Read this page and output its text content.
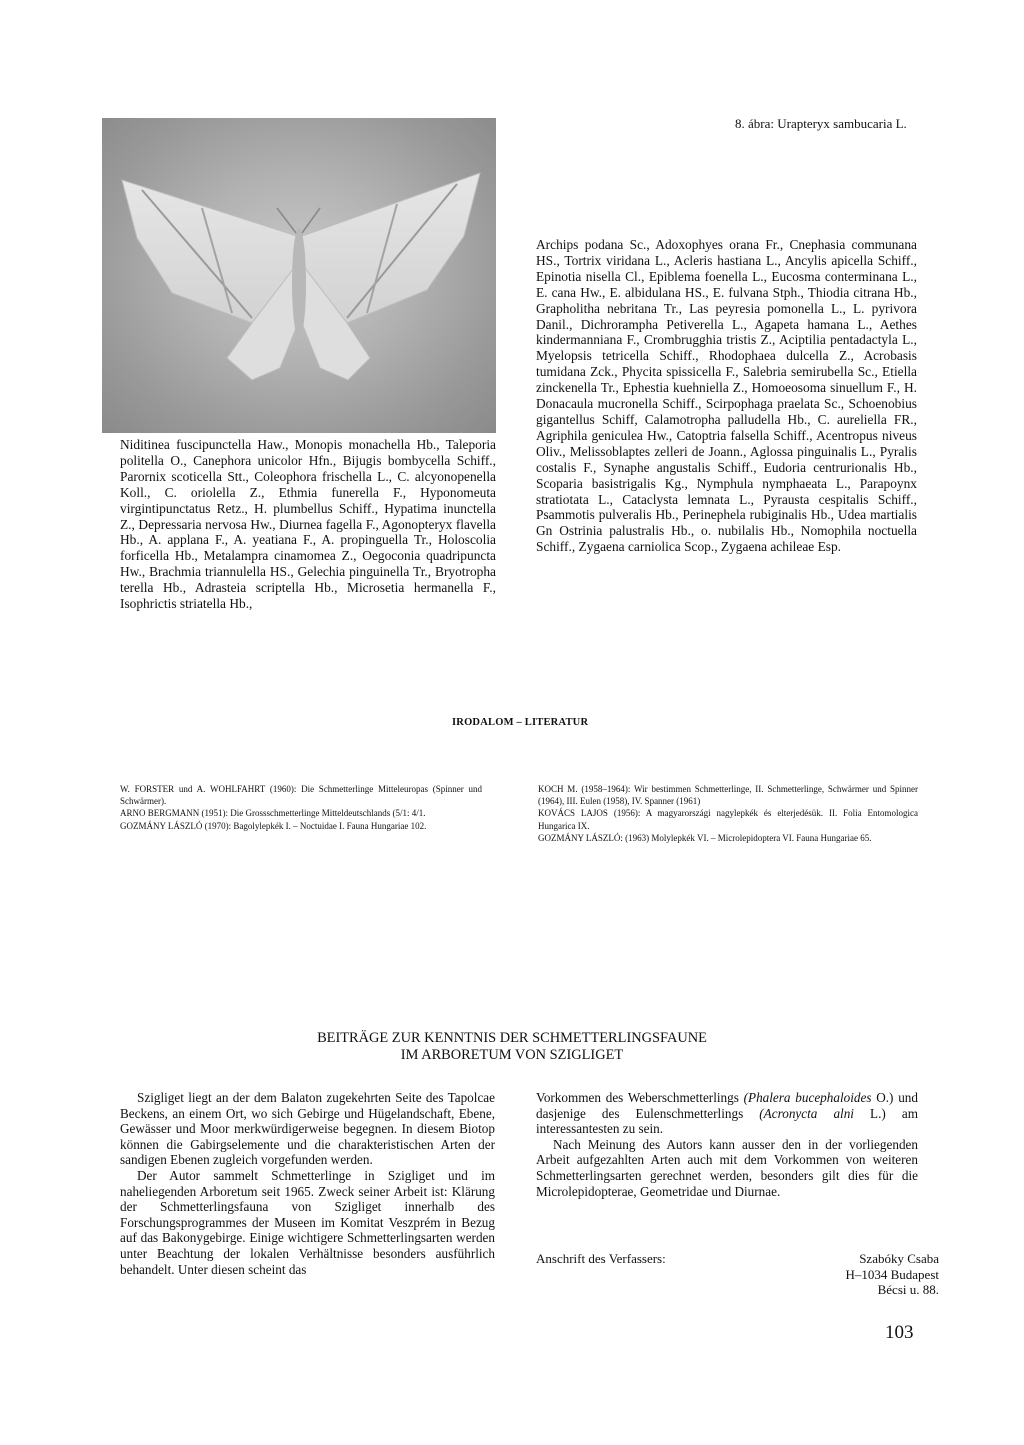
8. ábra: Urapteryx sambucaria L.

Niditinea fuscipunctella Haw., Monopis monachella Hb., Taleporia politella O., Canephora unicolor Hfn., Bijugis bombycella Schiff., Parornix scoticella Stt., Coleophora frischella L., C. alcyonopenella Koll., C. oriolella Z., Ethmia funerella F., Hyponomeuta virgintipunctatus Retz., H. plumbellus Schiff., Hypatima inunctella Z., Depressaria nervosa Hw., Diurnea fagella F., Agonopteryx flavella Hb., A. applana F., A. yeatiana F., A. propinguella Tr., Holoscolia forficella Hb., Metalampra cinamomea Z., Oegoconia quadripuncta Hw., Brachmia triannulella HS., Gelechia pinguinella Tr., Bryotropha terella Hb., Adrasteia scriptella Hb., Microsetia hermanella F., Isophrictis striatella Hb.,

Archips podana Sc., Adoxophyes orana Fr., Cnephasia communana HS., Tortrix viridana L., Acleris hastiana L., Ancylis apicella Schiff., Epinotia nisella Cl., Epiblema foenella L., Eucosma conterminana L., E. cana Hw., E. albidulana HS., E. fulvana Stph., Thiodia citrana Hb., Grapholitha nebritana Tr., Las peyresia pomonella L., L. pyrivora Danil., Dichrorampha Petiverella L., Agapeta hamana L., Aethes kindermanniana F., Crombrugghia tristis Z., Aciptilia pentadactyla L., Myelopsis tetricella Schiff., Rhodophaea dulcella Z., Acrobasis tumidana Zck., Phycita spissicella F., Salebria semirubella Sc., Etiella zinckenella Tr., Ephestia kuehniella Z., Homoeosoma sinuellum F., H. Donacaula mucronella Schiff., Scirpophaga praelata Sc., Schoenobius gigantellus Schiff, Calamotropha palludella Hb., C. aureliella FR., Agriphila geniculea Hw., Catoptria falsella Schiff., Acentropus niveus Oliv., Melissoblaptes zelleri de Joann., Aglossa pinguinalis L., Pyralis costalis F., Synaphe angustalis Schiff., Eudoria centrurionalis Hb., Scoparia basistrigalis Kg., Nymphula nymphaeata L., Parapoynx stratiotata L., Cataclysta lemnata L., Pyrausta cespitalis Schiff., Psammotis pulveralis Hb., Perinephela rubiginalis Hb., Udea martialis Gn Ostrinia palustralis Hb., o. nubilalis Hb., Nomophila noctuella Schiff., Zygaena carniolica Scop., Zygaena achileae Esp.

IRODALOM – LITERATUR

W. FORSTER und A. WOHLFAHRT (1960): Die Schmetterlinge Mitteleuropas (Spinner und Schwärmer).

ARNO BERGMANN (1951): Die Grossschmetterlinge Mitteldeutschlands (5/1: 4/1.

GOZMÁNY LÁSZLÓ (1970): Bagolylepkék I. – Noctuidae I. Fauna Hungariae 102.

KOCH M. (1958–1964): Wir bestimmen Schmetterlinge, II. Schmetterlinge, Schwärmer und Spinner (1964), III. Eulen (1958), IV. Spanner (1961)

KOVÁCS LAJOS (1956): A magyarországi nagylepkék és elterjedésük. II. Folia Entomologica Hungarica IX.

GOZMÁNY LÁSZLÓ: (1963) Molylepkék VI. – Microlepidoptera VI. Fauna Hungariae 65.

BEITRÄGE ZUR KENNTNIS DER SCHMETTERLINGSFAUNE
IM ARBORETUM VON SZIGLIGET

Szigliget liegt an der dem Balaton zugekehrten Seite des Tapolcae Beckens, an einem Ort, wo sich Gebirge und Hügelandschaft, Ebene, Gewässer und Moor merkwürdigerweise begegnen. In diesem Biotop können die Gabirgselemente und die charakteristischen Arten der sandigen Ebenen zugleich vorgefunden werden.

Der Autor sammelt Schmetterlinge in Szigliget und im naheliegenden Arboretum seit 1965. Zweck seiner Arbeit ist: Klärung der Schmetterlingsfauna von Szigliget innerhalb des Forschungsprogrammes der Museen im Komitat Veszprém in Bezug auf das Bakonygebirge. Einige wichtigere Schmetterlingsarten werden unter Beachtung der lokalen Verhältnisse besonders ausführlich behandelt. Unter diesen scheint das

Vorkommen des Weberschmetterlings (Phalera bucephaloides O.) und dasjenige des Eulenschmetterlings (Acronycta alni L.) am interessantesten zu sein.

Nach Meinung des Autors kann ausser den in der vorliegenden Arbeit aufgezahlten Arten auch mit dem Vorkommen von weiteren Schmetterlingsarten gerechnet werden, besonders gilt dies für die Microlepidopterae, Geometridae und Diurnae.

Anschrift des Verfassers:	Szabóky Csaba
H–1034 Budapest
Bécsi u. 88.
103
